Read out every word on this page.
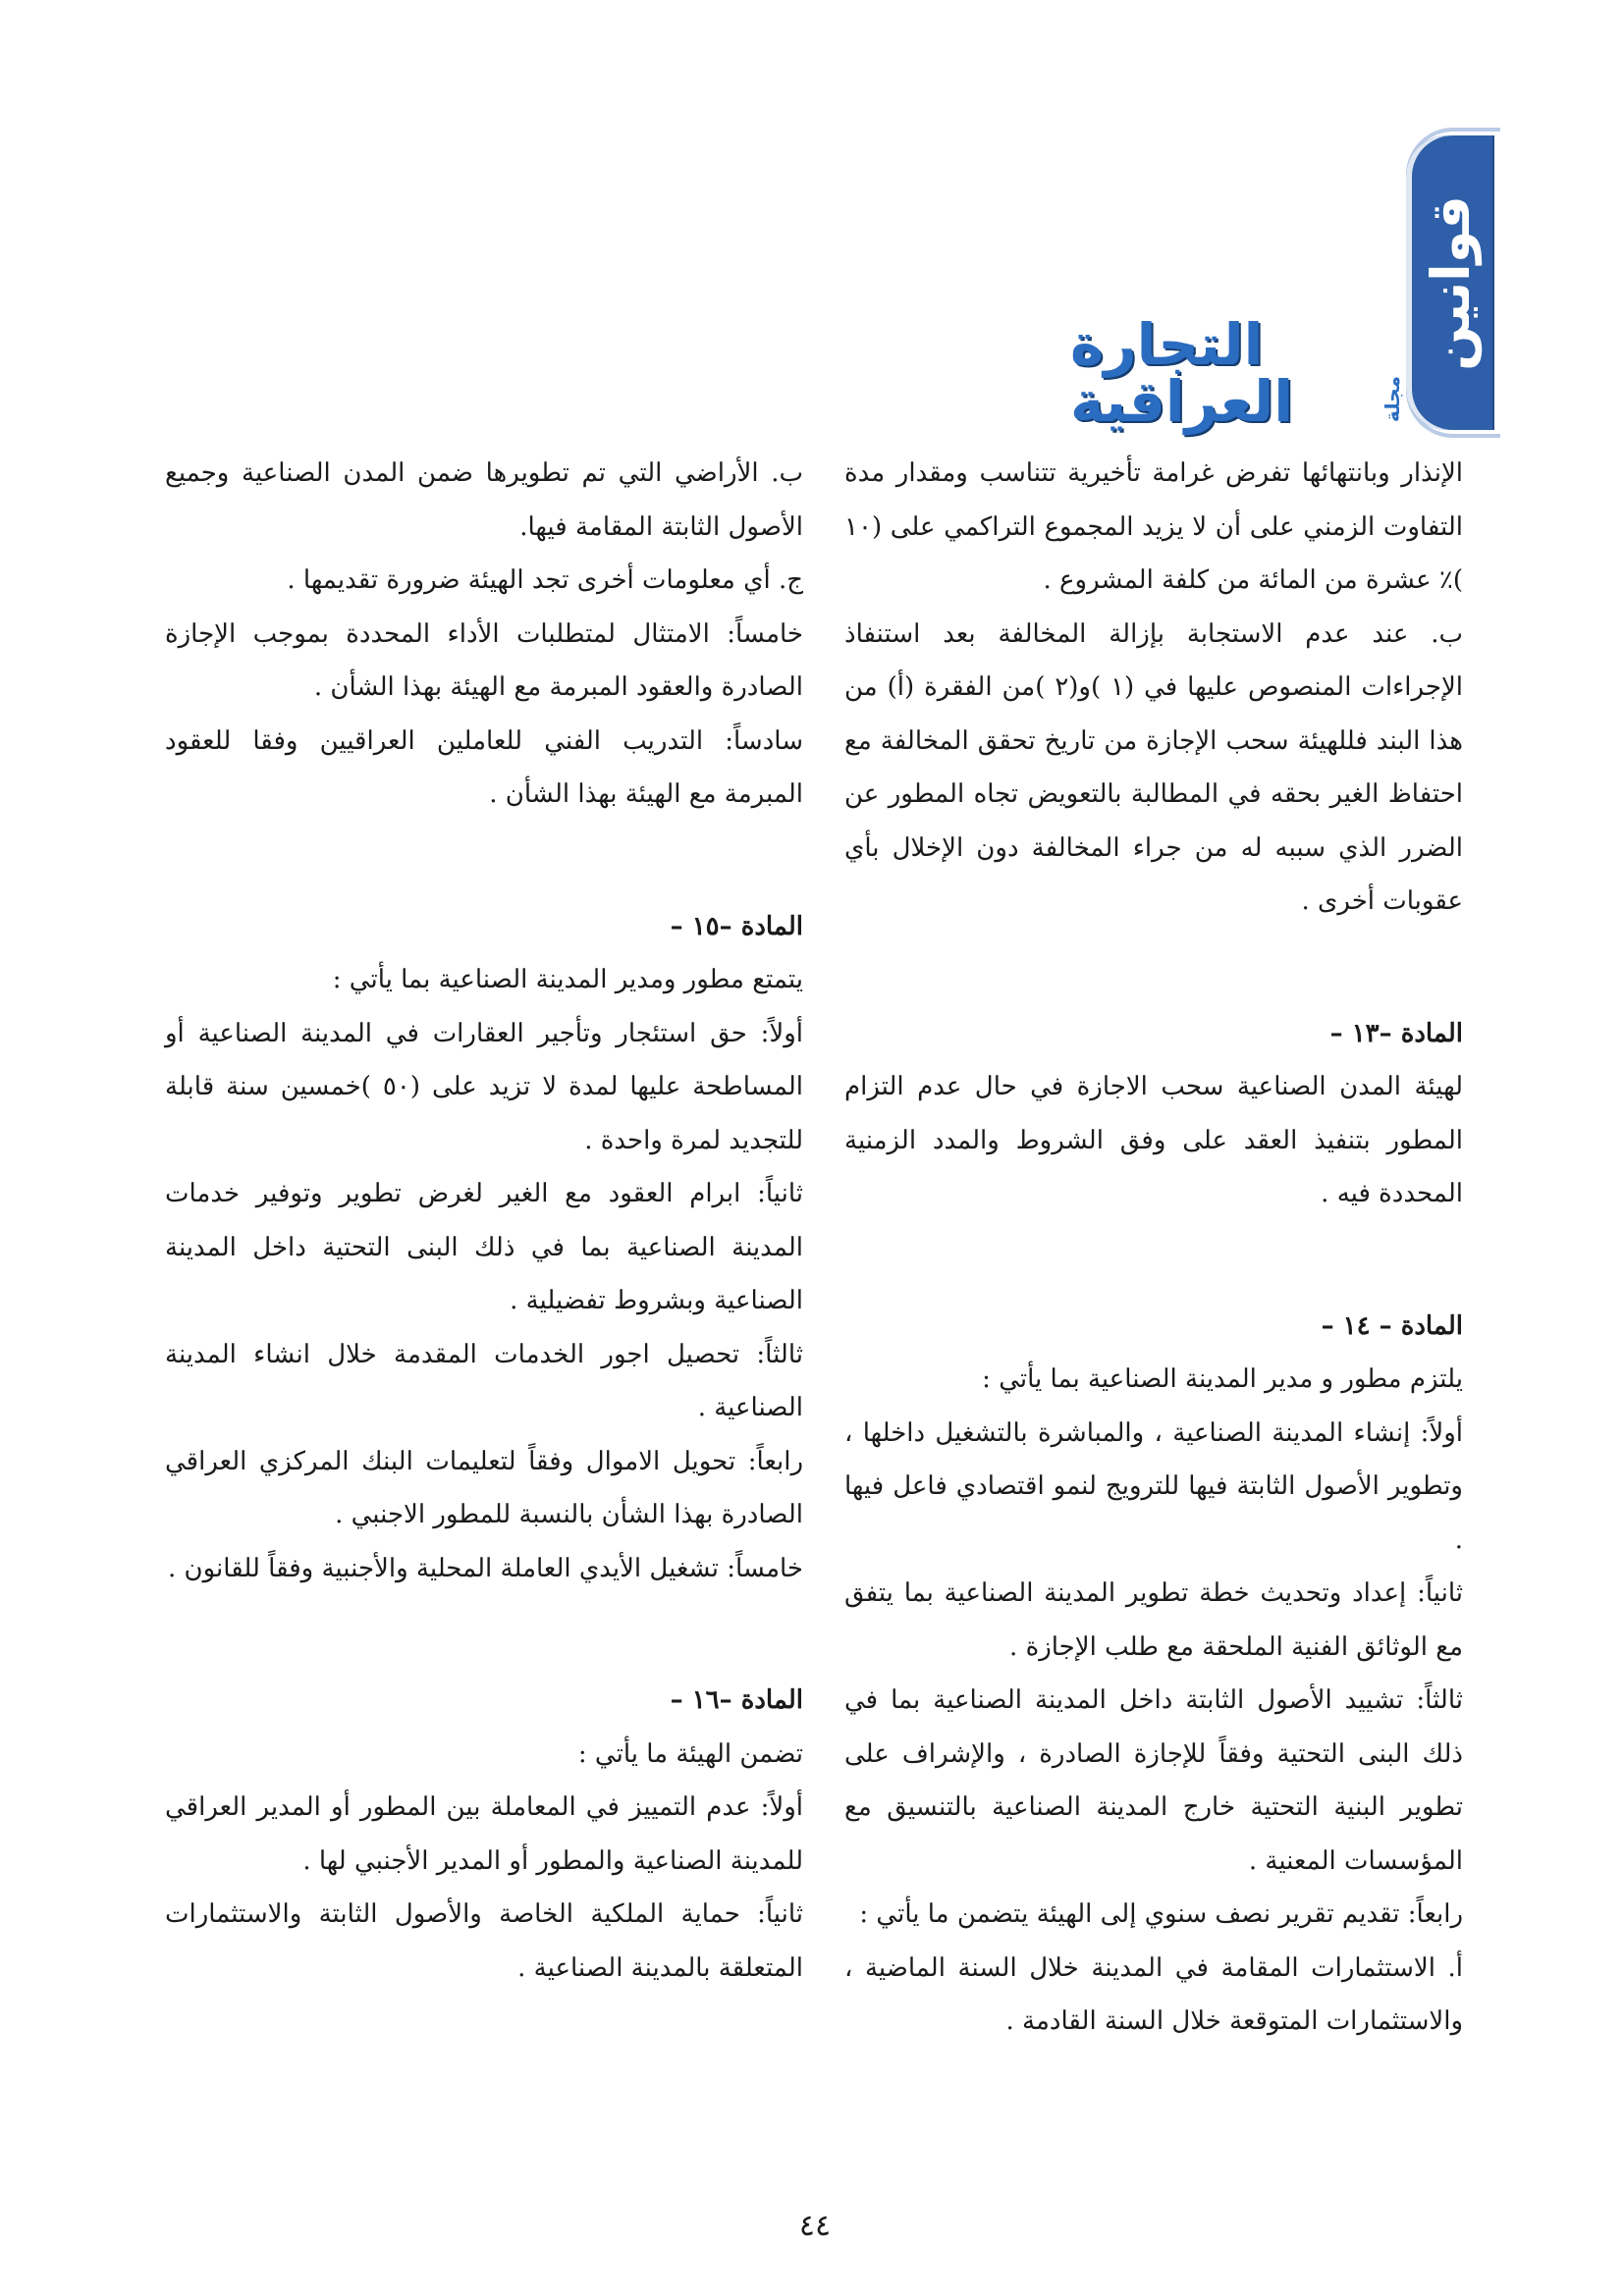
قوانين
التجارة العراقية	مجلة

الإنذار وبانتهائها تفرض غرامة تأخيرية تتناسب ومقدار مدة التفاوت الزمني على أن لا يزيد المجموع التراكمي على (١٠ )٪ عشرة من المائة من كلفة المشروع .

ب. عند عدم الاستجابة بإزالة المخالفة بعد استنفاذ الإجراءات المنصوص عليها في (١ )و(٢ )من الفقرة (أ) من هذا البند فللهيئة سحب الإجازة من تاريخ تحقق المخالفة مع احتفاظ الغير بحقه في المطالبة بالتعويض تجاه المطور عن الضرر الذي سببه له من جراء المخالفة دون الإخلال بأي عقوبات أخرى .

المادة –١٣ –

لهيئة المدن الصناعية سحب الاجازة في حال عدم التزام المطور بتنفيذ العقد على وفق الشروط والمدد الزمنية المحددة فيه .

المادة – ١٤ –

يلتزم مطور و مدير المدينة الصناعية بما يأتي :

أولاً: إنشاء المدينة الصناعية ، والمباشرة بالتشغيل داخلها ، وتطوير الأصول الثابتة فيها للترويج لنمو اقتصادي فاعل فيها .

ثانياً: إعداد وتحديث خطة تطوير المدينة الصناعية بما يتفق مع الوثائق الفنية الملحقة مع طلب الإجازة .

ثالثاً: تشييد الأصول الثابتة داخل المدينة الصناعية بما في ذلك البنى التحتية وفقاً للإجازة الصادرة ، والإشراف على تطوير البنية التحتية خارج المدينة الصناعية بالتنسيق مع المؤسسات المعنية .

رابعاً: تقديم تقرير نصف سنوي إلى الهيئة يتضمن ما يأتي :

أ. الاستثمارات المقامة في المدينة خلال السنة الماضية ، والاستثمارات المتوقعة خلال السنة القادمة .

ب. الأراضي التي تم تطويرها ضمن المدن الصناعية وجميع الأصول الثابتة المقامة فيها.

ج. أي معلومات أخرى تجد الهيئة ضرورة تقديمها .

خامساً: الامتثال لمتطلبات الأداء المحددة بموجب الإجازة الصادرة والعقود المبرمة مع الهيئة بهذا الشأن .

سادساً: التدريب الفني للعاملين العراقيين وفقا للعقود المبرمة مع الهيئة بهذا الشأن .

المادة –١٥ –

يتمتع مطور ومدير المدينة الصناعية بما يأتي :

أولاً: حق استئجار وتأجير العقارات في المدينة الصناعية أو المساطحة عليها لمدة لا تزيد على (٥٠ )خمسين سنة قابلة للتجديد لمرة واحدة .

ثانياً: ابرام العقود مع الغير لغرض تطوير وتوفير خدمات المدينة الصناعية بما في ذلك البنى التحتية داخل المدينة الصناعية وبشروط تفضيلية .

ثالثاً: تحصيل اجور الخدمات المقدمة خلال انشاء المدينة الصناعية .

رابعاً: تحويل الاموال وفقاً لتعليمات البنك المركزي العراقي الصادرة بهذا الشأن بالنسبة للمطور الاجنبي .

خامساً: تشغيل الأيدي العاملة المحلية والأجنبية وفقاً للقانون .

المادة –١٦ –

تضمن الهيئة ما يأتي :

أولاً: عدم التمييز في المعاملة بين المطور أو المدير العراقي للمدينة الصناعية والمطور أو المدير الأجنبي لها .

ثانياً: حماية الملكية الخاصة والأصول الثابتة والاستثمارات المتعلقة بالمدينة الصناعية .

٤٤
